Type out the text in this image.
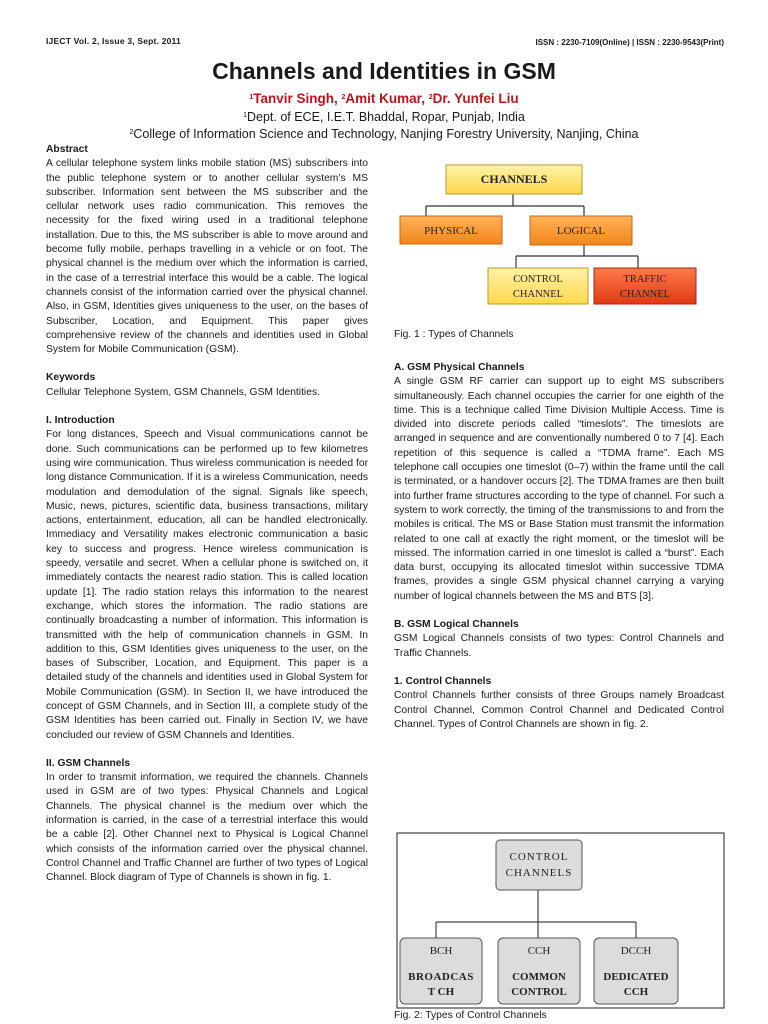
IJECT Vol. 2, Issue 3, Sept. 2011	ISSN : 2230-7109(Online) | ISSN : 2230-9543(Print)
Channels and Identities in GSM
$^1$Tanvir Singh, $^2$Amit Kumar, $^2$Dr. Yunfei Liu
$^1$Dept. of ECE, I.E.T. Bhaddal, Ropar, Punjab, India
$^2$College of Information Science and Technology, Nanjing Forestry University, Nanjing, China
Abstract

A cellular telephone system links mobile station (MS) subscribers into the public telephone system or to another cellular system’s MS subscriber. Information sent between the MS subscriber and the cellular network uses radio communication. This removes the necessity for the fixed wiring used in a traditional telephone installation. Due to this, the MS subscriber is able to move around and become fully mobile, perhaps travelling in a vehicle or on foot. The physical channel is the medium over which the information is carried, in the case of a terrestrial interface this would be a cable. The logical channels consist of the information carried over the physical channel. Also, in GSM, Identities gives uniqueness to the user, on the bases of Subscriber, Location, and Equipment. This paper gives comprehensive review of the channels and identities used in Global System for Mobile Communication (GSM).

Keywords

Cellular Telephone System, GSM Channels, GSM Identities.

I. Introduction

For long distances, Speech and Visual communications cannot be done. Such communications can be performed up to few kilometres using wire communication. Thus wireless communication is needed for long distance Communication. If it is a wireless Communication, needs modulation and demodulation of the signal. Signals like speech, Music, news, pictures, scientific data, business transactions, military actions, entertainment, education, all can be handled electronically. Immediacy and Versatility makes electronic communication a basic key to success and progress. Hence wireless communication is speedy, versatile and secret. When a cellular phone is switched on, it immediately contacts the nearest radio station. This is called location update [1]. The radio station relays this information to the nearest exchange, which stores the information. The radio stations are continually broadcasting a number of information. This information is transmitted with the help of communication channels in GSM. In addition to this, GSM Identities gives uniqueness to the user, on the bases of Subscriber, Location, and Equipment. This paper is a detailed study of the channels and identities used in Global System for Mobile Communication (GSM). In Section II, we have introduced the concept of GSM Channels, and in Section III, a complete study of the GSM Identities has been carried out. Finally in Section IV, we have concluded our review of GSM Channels and Identities.

II. GSM Channels

In order to transmit information, we required the channels. Channels used in GSM are of two types: Physical Channels and Logical Channels. The physical channel is the medium over which the information is carried, in the case of a terrestrial interface this would be a cable [2]. Other Channel next to Physical is Logical Channel which consists of the information carried over the physical channel. Control Channel and Traffic Channel are further of two types of Logical Channel. Block diagram of Type of Channels is shown in fig. 1.

CHANNELS
PHYSICAL	LOGICAL
CONTROL
CHANNEL
TRAFFIC
CHANNEL
Fig. 1 : Types of Channels
A. GSM Physical Channels

A single GSM RF carrier can support up to eight MS subscribers simultaneously. Each channel occupies the carrier for one eighth of the time. This is a technique called Time Division Multiple Access. Time is divided into discrete periods called “timeslots”. The timeslots are arranged in sequence and are conventionally numbered 0 to 7 [4]. Each repetition of this sequence is called a “TDMA frame”. Each MS telephone call occupies one timeslot (0–7) within the frame until the call is terminated, or a handover occurs [2]. The TDMA frames are then built into further frame structures according to the type of channel. For such a system to work correctly, the timing of the transmissions to and from the mobiles is critical. The MS or Base Station must transmit the information related to one call at exactly the right moment, or the timeslot will be missed. The information carried in one timeslot is called a “burst”. Each data burst, occupying its allocated timeslot within successive TDMA frames, provides a single GSM physical channel carrying a varying number of logical channels between the MS and BTS [3].

B. GSM Logical Channels

GSM Logical Channels consists of two types: Control Channels and Traffic Channels.

1. Control Channels

Control Channels further consists of three Groups namely Broadcast Control Channel, Common Control Channel and Dedicated Control Channel. Types of Control Channels are shown in fig. 2.

CONTROL
CHANNELS
BCH
BROADCAS
T CH
CCH
COMMON
CONTROL
DCCH
DEDICATED
CCH
Fig. 2: Types of Control Channels
